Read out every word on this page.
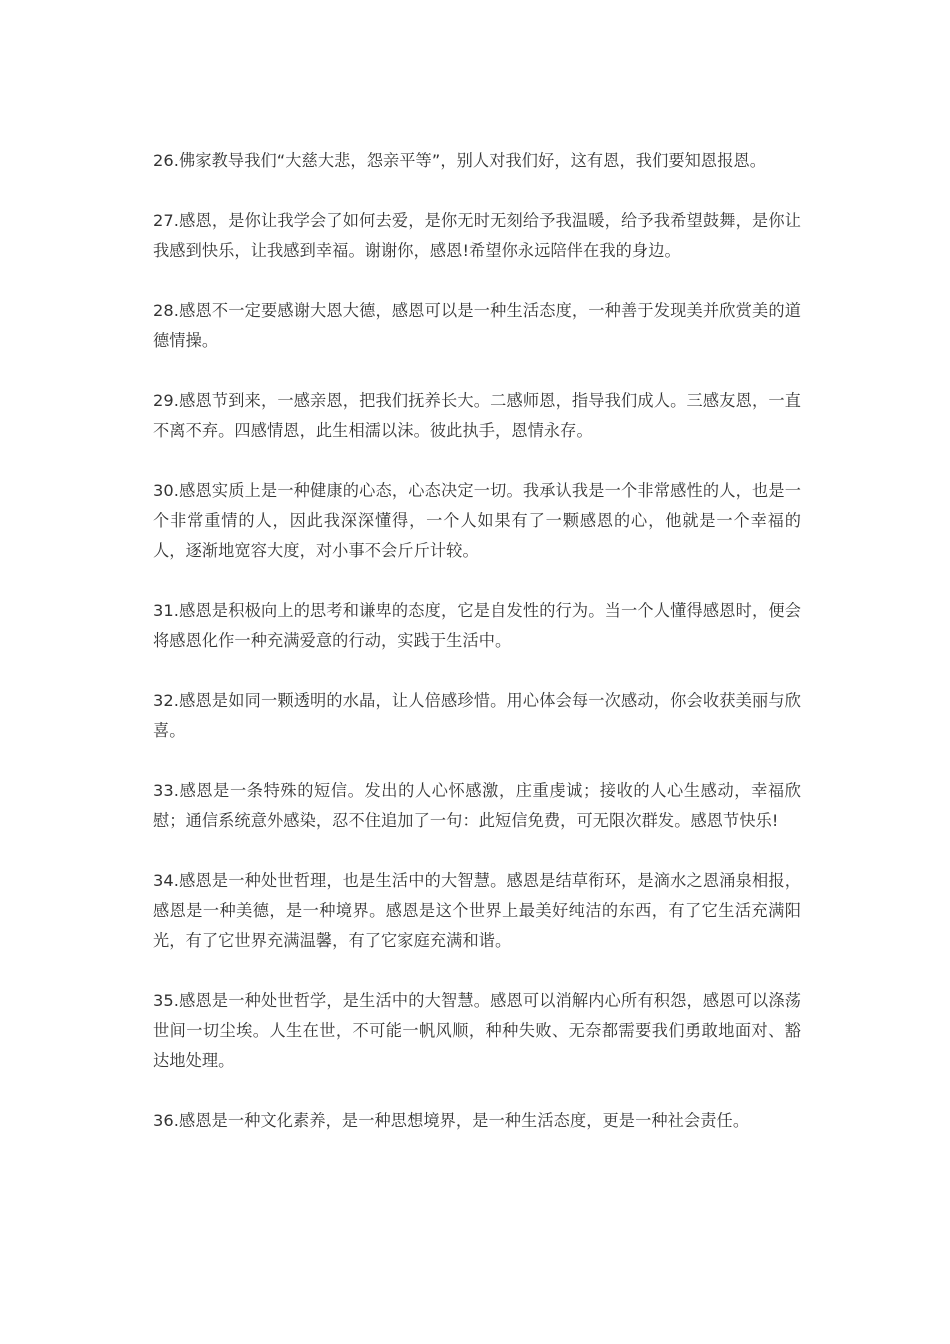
26.佛家教导我们“大慈大悲，怨亲平等”，别人对我们好，这有恩，我们要知恩报恩。

27.感恩，是你让我学会了如何去爱，是你无时无刻给予我温暖，给予我希望鼓舞，是你让我感到快乐，让我感到幸福。谢谢你，感恩!希望你永远陪伴在我的身边。

28.感恩不一定要感谢大恩大德，感恩可以是一种生活态度，一种善于发现美并欣赏美的道德情操。

29.感恩节到来，一感亲恩，把我们抚养长大。二感师恩，指导我们成人。三感友恩，一直不离不弃。四感情恩，此生相濡以沫。彼此执手，恩情永存。

30.感恩实质上是一种健康的心态，心态决定一切。我承认我是一个非常感性的人，也是一个非常重情的人，因此我深深懂得，一个人如果有了一颗感恩的心，他就是一个幸福的人，逐渐地宽容大度，对小事不会斤斤计较。

31.感恩是积极向上的思考和谦卑的态度，它是自发性的行为。当一个人懂得感恩时，便会将感恩化作一种充满爱意的行动，实践于生活中。

32.感恩是如同一颗透明的水晶，让人倍感珍惜。用心体会每一次感动，你会收获美丽与欣喜。

33.感恩是一条特殊的短信。发出的人心怀感激，庄重虔诚；接收的人心生感动，幸福欣慰；通信系统意外感染，忍不住追加了一句：此短信免费，可无限次群发。感恩节快乐!

34.感恩是一种处世哲理，也是生活中的大智慧。感恩是结草衔环，是滴水之恩涌泉相报，感恩是一种美德，是一种境界。感恩是这个世界上最美好纯洁的东西，有了它生活充满阳光，有了它世界充满温馨，有了它家庭充满和谐。

35.感恩是一种处世哲学，是生活中的大智慧。感恩可以消解内心所有积怨，感恩可以涤荡世间一切尘埃。人生在世，不可能一帆风顺，种种失败、无奈都需要我们勇敢地面对、豁达地处理。

36.感恩是一种文化素养，是一种思想境界，是一种生活态度，更是一种社会责任。
